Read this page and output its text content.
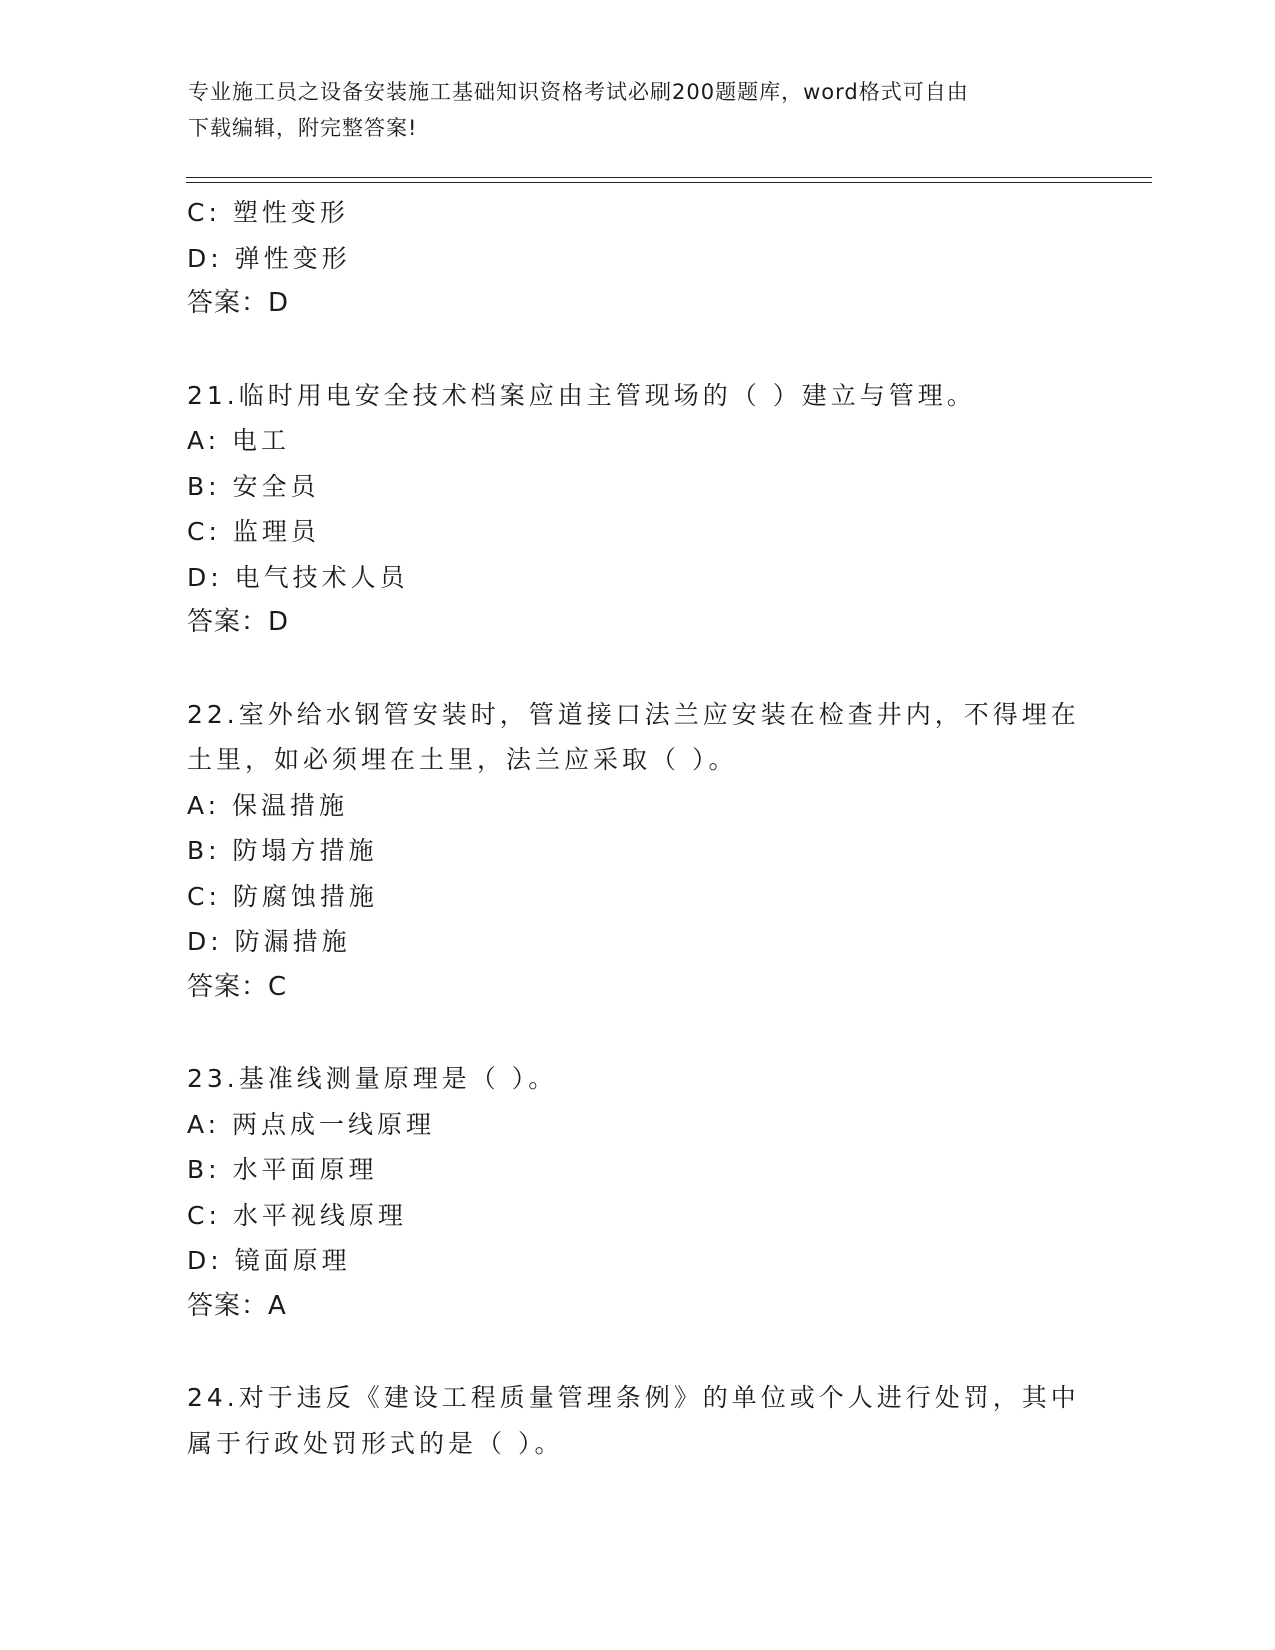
专业施工员之设备安装施工基础知识资格考试必刷200题题库，word格式可自由
下载编辑，附完整答案!
C: 塑性变形
D: 弹性变形
答案：D
21.临时用电安全技术档案应由主管现场的（ ）建立与管理。
A: 电工
B: 安全员
C: 监理员
D: 电气技术人员
答案：D
22.室外给水钢管安装时，管道接口法兰应安装在检查井内，不得埋在
土里，如必须埋在土里，法兰应采取（ ）。
A: 保温措施
B: 防塌方措施
C: 防腐蚀措施
D: 防漏措施
答案：C
23.基准线测量原理是（ ）。
A: 两点成一线原理
B: 水平面原理
C: 水平视线原理
D: 镜面原理
答案：A
24.对于违反《建设工程质量管理条例》的单位或个人进行处罚，其中
属于行政处罚形式的是（ ）。
